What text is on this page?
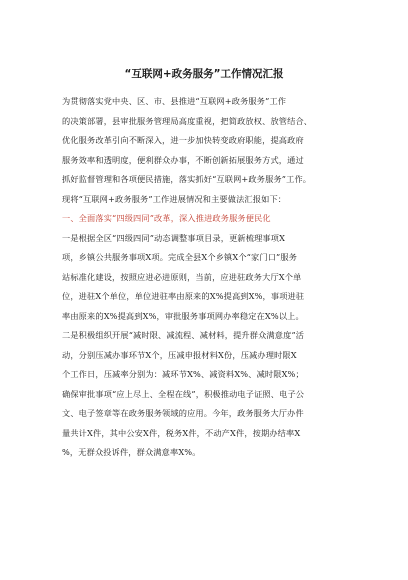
“互联网+政务服务”工作情况汇报
为贯彻落实党中央、区、市、县推进“互联网+政务服务”工作
的决策部署，县审批服务管理局高度重视，把简政放权、放管结合、
优化服务改革引向不断深入，进一步加快转变政府职能，提高政府
服务效率和透明度，便利群众办事，不断创新拓展服务方式，通过
抓好监督管理和各项便民措施，落实抓好“互联网+政务服务”工作。
现将“互联网+政务服务”工作进展情况和主要做法汇报如下：
一、全面落实“四级四同”改革，深入推进政务服务便民化
一是根据全区“四级四同”动态调整事项目录，更新梳理事项X
项，乡镇公共服务事项X项。完成全县X个乡镇X个“家门口”服务
站标准化建设，按照应进必进原则，当前，应进驻政务大厅X个单
位，进驻X个单位，单位进驻率由原来的X%提高到X%，事项进驻
率由原来的X%提高到X%，审批服务事项网办率稳定在X%以上。
二是积极组织开展“减时限、减流程、减材料，提升群众满意度”活
动，分别压减办事环节X个，压减申报材料X份，压减办理时限X
个工作日，压减率分别为：减环节X%、减资料X%、减时限X%；
确保审批事项“应上尽上、全程在线”，积极推动电子证照、电子公
文、电子签章等在政务服务领域的应用。今年，政务服务大厅办件
量共计X件，其中公安X件，税务X件，不动产X件，按期办结率X
%，无群众投诉件，群众满意率X%。
